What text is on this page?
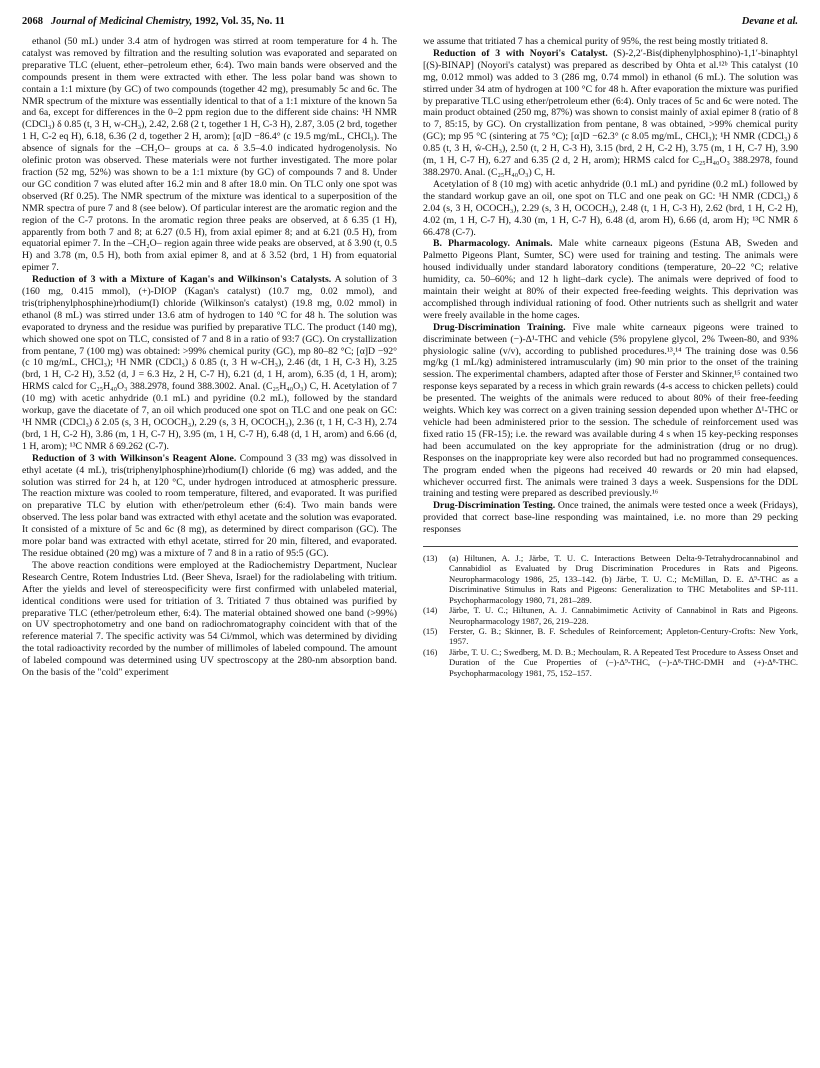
2068 Journal of Medicinal Chemistry, 1992, Vol. 35, No. 11	Devane et al.

ethanol (50 mL) under 3.4 atm of hydrogen was stirred at room temperature for 4 h. The catalyst was removed by filtration and the resulting solution was evaporated and separated on preparative TLC (eluent, ether–petroleum ether, 6:4). Two main bands were observed and the compounds present in them were extracted with ether. The less polar band was shown to contain a 1:1 mixture (by GC) of two compounds (together 42 mg), presumably 5c and 6c. The NMR spectrum of the mixture was essentially identical to that of a 1:1 mixture of the known 5a and 6a, except for differences in the 0–2 ppm region due to the different side chains: ¹H NMR (CDCl₃) δ 0.85 (t, 3 H, w-CH₃), 2.42, 2.68 (2 t, together 1 H, C-3 H), 2.87, 3.05 (2 brd, together 1 H, C-2 eq H), 6.18, 6.36 (2 d, together 2 H, arom); [α]D −86.4° (c 19.5 mg/mL, CHCl₃). The absence of signals for the –CH₂O– groups at ca. δ 3.5–4.0 indicated hydrogenolysis. No olefinic proton was observed. These materials were not further investigated. The more polar fraction (52 mg, 52%) was shown to be a 1:1 mixture (by GC) of compounds 7 and 8. Under our GC condition 7 was eluted after 16.2 min and 8 after 18.0 min. On TLC only one spot was observed (Rf 0.25). The NMR spectrum of the mixture was identical to a superposition of the NMR spectra of pure 7 and 8 (see below). Of particular interest are the aromatic region and the region of the C-7 protons. In the aromatic region three peaks are observed, at δ 6.35 (1 H), apparently from both 7 and 8; at 6.27 (0.5 H), from axial epimer 8; and at 6.21 (0.5 H), from equatorial epimer 7. In the –CH₂O– region again three wide peaks are observed, at δ 3.90 (t, 0.5 H) and 3.78 (m, 0.5 H), both from axial epimer 8, and at δ 3.52 (brd, 1 H) from equatorial epimer 7.

Reduction of 3 with a Mixture of Kagan's and Wilkinson's Catalysts. A solution of 3 (160 mg, 0.415 mmol), (+)-DIOP (Kagan's catalyst) (10.7 mg, 0.02 mmol), and tris(triphenylphosphine)rhodium(I) chloride (Wilkinson's catalyst) (19.8 mg, 0.02 mmol) in ethanol (8 mL) was stirred under 13.6 atm of hydrogen to 140 °C for 48 h. The solution was evaporated to dryness and the residue was purified by preparative TLC. The product (140 mg), which showed one spot on TLC, consisted of 7 and 8 in a ratio of 93:7 (GC). On crystallization from pentane, 7 (100 mg) was obtained: >99% chemical purity (GC), mp 80–82 °C; [α]D −92° (c 10 mg/mL, CHCl₃); ¹H NMR (CDCl₃) δ 0.85 (t, 3 H w-CH₃), 2.46 (dt, 1 H, C-3 H), 3.25 (brd, 1 H, C-2 H), 3.52 (d, J = 6.3 Hz, 2 H, C-7 H), 6.21 (d, 1 H, arom), 6.35 (d, 1 H, arom); HRMS calcd for C₂₅H₄₀O₃ 388.2978, found 388.3002. Anal. (C₂₅H₄₀O₃) C, H. Acetylation of 7 (10 mg) with acetic anhydride (0.1 mL) and pyridine (0.2 mL), followed by the standard workup, gave the diacetate of 7, an oil which produced one spot on TLC and one peak on GC: ¹H NMR (CDCl₃) δ 2.05 (s, 3 H, OCOCH₃), 2.29 (s, 3 H, OCOCH₃), 2.36 (t, 1 H, C-3 H), 2.74 (brd, 1 H, C-2 H), 3.86 (m, 1 H, C-7 H), 3.95 (m, 1 H, C-7 H), 6.48 (d, 1 H, arom) and 6.66 (d, 1 H, arom); ¹³C NMR δ 69.262 (C-7).

Reduction of 3 with Wilkinson's Reagent Alone. Compound 3 (33 mg) was dissolved in ethyl acetate (4 mL), tris(triphenylphosphine)rhodium(I) chloride (6 mg) was added, and the solution was stirred for 24 h, at 120 °C, under hydrogen introduced at atmospheric pressure. The reaction mixture was cooled to room temperature, filtered, and evaporated. It was purified on preparative TLC by elution with ether/petroleum ether (6:4). Two main bands were observed. The less polar band was extracted with ethyl acetate and the solution was evaporated. It consisted of a mixture of 5c and 6c (8 mg), as determined by direct comparison (GC). The more polar band was extracted with ethyl acetate, stirred for 20 min, filtered, and evaporated. The residue obtained (20 mg) was a mixture of 7 and 8 in a ratio of 95:5 (GC).

The above reaction conditions were employed at the Radiochemistry Department, Nuclear Research Centre, Rotem Industries Ltd. (Beer Sheva, Israel) for the radiolabeling with tritium. After the yields and level of stereospecificity were first confirmed with unlabeled material, identical conditions were used for tritiation of 3. Tritiated 7 thus obtained was purified by preparative TLC (ether/petroleum ether, 6:4). The material obtained showed one band (>99%) on UV spectrophotometry and one band on radiochromatography coincident with that of the reference material 7. The specific activity was 54 Ci/mmol, which was determined by dividing the total radioactivity recorded by the number of millimoles of labeled compound. The amount of labeled compound was determined using UV spectroscopy at the 280-nm absorption band. On the basis of the "cold" experiment

we assume that tritiated 7 has a chemical purity of 95%, the rest being mostly tritiated 8.

Reduction of 3 with Noyori's Catalyst. (S)-2,2′-Bis(diphenylphosphino)-1,1′-binaphtyl [(S)-BINAP] (Noyori's catalyst) was prepared as described by Ohta et al.¹²ᵇ This catalyst (10 mg, 0.012 mmol) was added to 3 (286 mg, 0.74 mmol) in ethanol (6 mL). The solution was stirred under 34 atm of hydrogen at 100 °C for 48 h. After evaporation the mixture was purified by preparative TLC using ether/petroleum ether (6:4). Only traces of 5c and 6c were noted. The main product obtained (250 mg, 87%) was shown to consist mainly of axial epimer 8 (ratio of 8 to 7, 85:15, by GC). On crystallization from pentane, 8 was obtained, >99% chemical purity (GC); mp 95 °C (sintering at 75 °C); [α]D −62.3° (c 8.05 mg/mL, CHCl₃); ¹H NMR (CDCl₃) δ 0.85 (t, 3 H, ŵ-CH₃), 2.50 (t, 2 H, C-3 H), 3.15 (brd, 2 H, C-2 H), 3.75 (m, 1 H, C-7 H), 3.90 (m, 1 H, C-7 H), 6.27 and 6.35 (2 d, 2 H, arom); HRMS calcd for C₂₅H₄₀O₃ 388.2978, found 388.2970. Anal. (C₂₅H₄₀O₃) C, H.

Acetylation of 8 (10 mg) with acetic anhydride (0.1 mL) and pyridine (0.2 mL) followed by the standard workup gave an oil, one spot on TLC and one peak on GC: ¹H NMR (CDCl₃) δ 2.04 (s, 3 H, OCOCH₃), 2.29 (s, 3 H, OCOCH₃), 2.48 (t, 1 H, C-3 H), 2.62 (brd, 1 H, C-2 H), 4.02 (m, 1 H, C-7 H), 4.30 (m, 1 H, C-7 H), 6.48 (d, arom H), 6.66 (d, arom H); ¹³C NMR δ 66.478 (C-7).

B. Pharmacology. Animals. Male white carneaux pigeons (Estuna AB, Sweden and Palmetto Pigeons Plant, Sumter, SC) were used for training and testing. The animals were housed individually under standard laboratory conditions (temperature, 20–22 °C; relative humidity, ca. 50–60%; and 12 h light–dark cycle). The animals were deprived of food to maintain their weight at 80% of their expected free-feeding weights. This deprivation was accomplished through individual rationing of food. Other nutrients such as shellgrit and water were freely available in the home cages.

Drug-Discrimination Training. Five male white carneaux pigeons were trained to discriminate between (−)-Δ¹-THC and vehicle (5% propylene glycol, 2% Tween-80, and 93% physiologic saline (v/v), according to published procedures.¹³,¹⁴ The training dose was 0.56 mg/kg (1 mL/kg) administered intramuscularly (im) 90 min prior to the onset of the training session. The experimental chambers, adapted after those of Ferster and Skinner,¹⁵ contained two response keys separated by a recess in which grain rewards (4-s access to chicken pellets) could be presented. The weights of the animals were reduced to about 80% of their free-feeding weights. Which key was correct on a given training session depended upon whether Δ¹-THC or vehicle had been administered prior to the session. The schedule of reinforcement used was fixed ratio 15 (FR-15); i.e. the reward was available during 4 s when 15 key-pecking responses had been accumulated on the key appropriate for the administration (drug or no drug). Responses on the inappropriate key were also recorded but had no programmed consequences. The program ended when the pigeons had received 40 rewards or 20 min had elapsed, whichever occurred first. The animals were trained 3 days a week. Suspensions for the DDL training and testing were prepared as described previously.¹⁶

Drug-Discrimination Testing. Once trained, the animals were tested once a week (Fridays), provided that correct base-line responding was maintained, i.e. no more than 29 pecking responses

(13) (a) Hiltunen, A. J.; Järbe, T. U. C. Interactions Between Delta-9-Tetrahydrocannabinol and Cannabidiol as Evaluated by Drug Discrimination Procedures in Rats and Pigeons. Neuropharmacology 1986, 25, 133–142. (b) Järbe, T. U. C.; McMillan, D. E. Δ⁹-THC as a Discriminative Stimulus in Rats and Pigeons: Generalization to THC Metabolites and SP-111. Psychopharmacology 1980, 71, 281–289.
(14) Järbe, T. U. C.; Hiltunen, A. J. Cannabimimetic Activity of Cannabinol in Rats and Pigeons. Neuropharmacology 1987, 26, 219–228.
(15) Ferster, G. B.; Skinner, B. F. Schedules of Reinforcement; Appleton-Century-Crofts: New York, 1957.
(16) Järbe, T. U. C.; Swedberg, M. D. B.; Mechoulam, R. A Repeated Test Procedure to Assess Onset and Duration of the Cue Properties of (−)-Δ⁹-THC, (−)-Δ⁸-THC-DMH and (+)-Δ⁸-THC. Psychopharmacology 1981, 75, 152–157.
